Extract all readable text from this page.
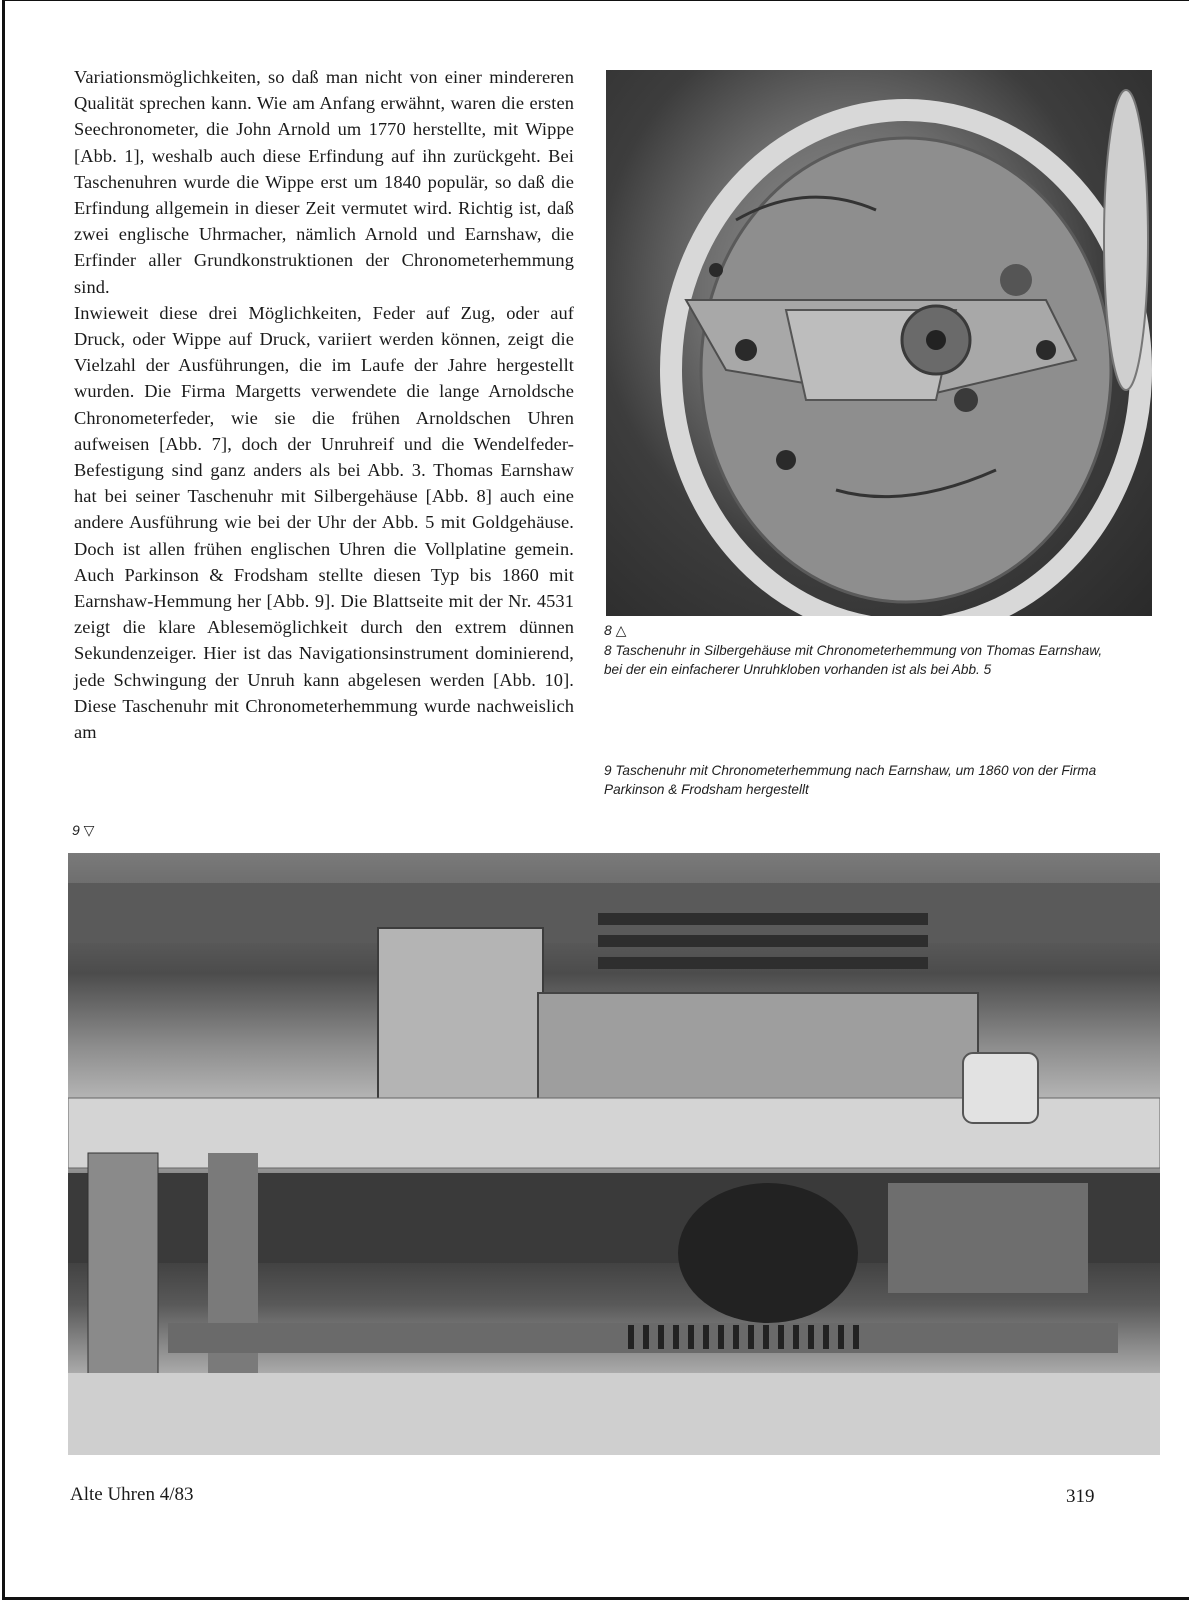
Variationsmöglichkeiten, so daß man nicht von einer mindereren Qualität sprechen kann. Wie am Anfang erwähnt, waren die ersten Seechronometer, die John Arnold um 1770 herstellte, mit Wippe [Abb. 1], weshalb auch diese Erfindung auf ihn zurückgeht. Bei Taschenuhren wurde die Wippe erst um 1840 populär, so daß die Erfindung allgemein in dieser Zeit vermutet wird. Richtig ist, daß zwei englische Uhrmacher, nämlich Arnold und Earnshaw, die Erfinder aller Grundkonstruktionen der Chronometerhemmung sind.

Inwieweit diese drei Möglichkeiten, Feder auf Zug, oder auf Druck, oder Wippe auf Druck, variiert werden können, zeigt die Vielzahl der Ausführungen, die im Laufe der Jahre hergestellt wurden. Die Firma Margetts verwendete die lange Arnoldsche Chronometerfeder, wie sie die frühen Arnoldschen Uhren aufweisen [Abb. 7], doch der Unruhreif und die Wendelfeder-Befestigung sind ganz anders als bei Abb. 3. Thomas Earnshaw hat bei seiner Taschenuhr mit Silbergehäuse [Abb. 8] auch eine andere Ausführung wie bei der Uhr der Abb. 5 mit Goldgehäuse. Doch ist allen frühen englischen Uhren die Vollplatine gemein. Auch Parkinson & Frodsham stellte diesen Typ bis 1860 mit Earnshaw-Hemmung her [Abb. 9]. Die Blattseite mit der Nr. 4531 zeigt die klare Ablesemöglichkeit durch den extrem dünnen Sekundenzeiger. Hier ist das Navigationsinstrument dominierend, jede Schwingung der Unruh kann abgelesen werden [Abb. 10]. Diese Taschenuhr mit Chronometerhemmung wurde nachweislich am

8 △
8 Taschenuhr in Silbergehäuse mit Chronometerhemmung von Thomas Earnshaw, bei der ein einfacherer Unruhkloben vorhanden ist als bei Abb. 5
9 Taschenuhr mit Chronometerhemmung nach Earnshaw, um 1860 von der Firma Parkinson & Frodsham hergestellt
9 ▽
Alte Uhren 4/83	319
